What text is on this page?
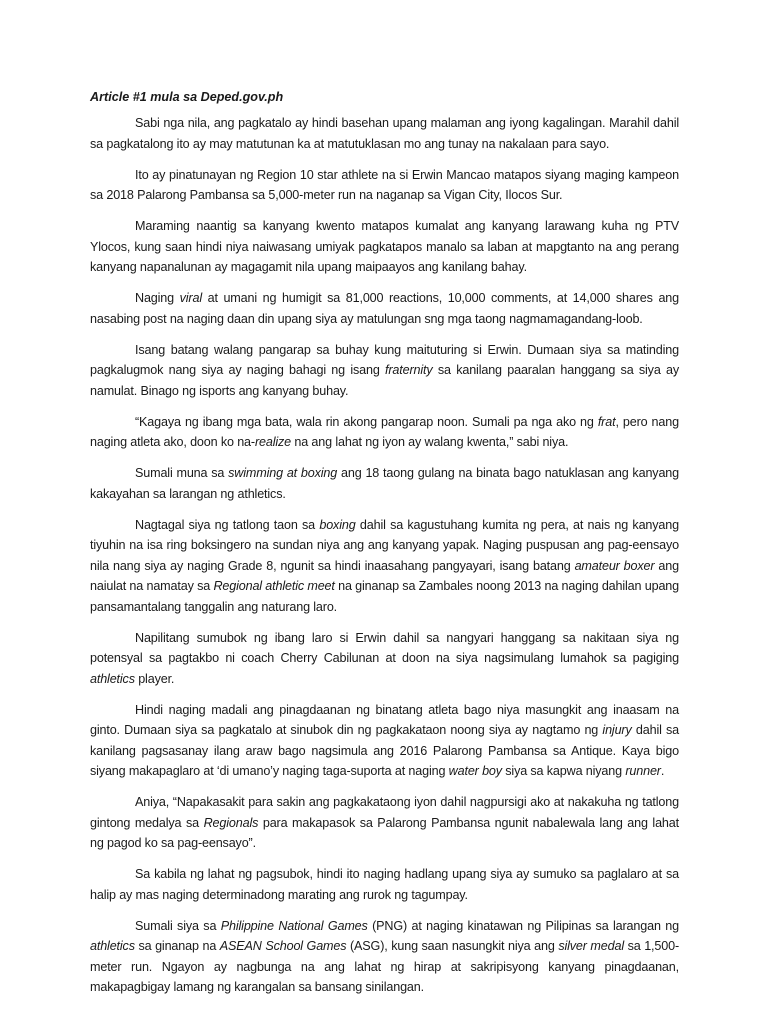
Article #1 mula sa Deped.gov.ph

Sabi nga nila, ang pagkatalo ay hindi basehan upang malaman ang iyong kagalingan. Marahil dahil sa pagkatalong ito ay may matutunan ka at matutuklasan mo ang tunay na nakalaan para sayo.

Ito ay pinatunayan ng Region 10 star athlete na si Erwin Mancao matapos siyang maging kampeon sa 2018 Palarong Pambansa sa 5,000-meter run na naganap sa Vigan City, Ilocos Sur.

Maraming naantig sa kanyang kwento matapos kumalat ang kanyang larawang kuha ng PTV Ylocos, kung saan hindi niya naiwasang umiyak pagkatapos manalo sa laban at mapgtanto na ang perang kanyang napanalunan ay magagamit nila upang maipaayos ang kanilang bahay.

Naging viral at umani ng humigit sa 81,000 reactions, 10,000 comments, at 14,000 shares ang nasabing post na naging daan din upang siya ay matulungan sng mga taong nagmamagandang-loob.

Isang batang walang pangarap sa buhay kung maituturing si Erwin. Dumaan siya sa matinding pagkalugmok nang siya ay naging bahagi ng isang fraternity sa kanilang paaralan hanggang sa siya ay namulat. Binago ng isports ang kanyang buhay.

“Kagaya ng ibang mga bata, wala rin akong pangarap noon. Sumali pa nga ako ng frat, pero nang naging atleta ako, doon ko na-realize na ang lahat ng iyon ay walang kwenta,” sabi niya.

Sumali muna sa swimming at boxing ang 18 taong gulang na binata bago natuklasan ang kanyang kakayahan sa larangan ng athletics.

Nagtagal siya ng tatlong taon sa boxing dahil sa kagustuhang kumita ng pera, at nais ng kanyang tiyuhin na isa ring boksingero na sundan niya ang ang kanyang yapak. Naging puspusan ang pag-eensayo nila nang siya ay naging Grade 8, ngunit sa hindi inaasahang pangyayari, isang batang amateur boxer ang naiulat na namatay sa Regional athletic meet na ginanap sa Zambales noong 2013 na naging dahilan upang pansamantalang tanggalin ang naturang laro.

Napilitang sumubok ng ibang laro si Erwin dahil sa nangyari hanggang sa nakitaan siya ng potensyal sa pagtakbo ni coach Cherry Cabilunan at doon na siya nagsimulang lumahok sa pagiging athletics player.

Hindi naging madali ang pinagdaanan ng binatang atleta bago niya masungkit ang inaasam na ginto. Dumaan siya sa pagkatalo at sinubok din ng pagkakataon noong siya ay nagtamo ng injury dahil sa kanilang pagsasanay ilang araw bago nagsimula ang 2016 Palarong Pambansa sa Antique. Kaya bigo siyang makapaglaro at ‘di umano’y naging taga-suporta at naging water boy siya sa kapwa niyang runner.

Aniya, “Napakasakit para sakin ang pagkakataong iyon dahil nagpursigi ako at nakakuha ng tatlong gintong medalya sa Regionals para makapasok sa Palarong Pambansa ngunit nabalewala lang ang lahat ng pagod ko sa pag-eensayo”.

Sa kabila ng lahat ng pagsubok, hindi ito naging hadlang upang siya ay sumuko sa paglalaro at sa halip ay mas naging determinadong marating ang rurok ng tagumpay.

Sumali siya sa Philippine National Games (PNG) at naging kinatawan ng Pilipinas sa larangan ng athletics sa ginanap na ASEAN School Games (ASG), kung saan nasungkit niya ang silver medal sa 1,500-meter run. Ngayon ay nagbunga na ang lahat ng hirap at sakripisyong kanyang pinagdaanan, makapagbigay lamang ng karangalan sa bansang sinilangan.
